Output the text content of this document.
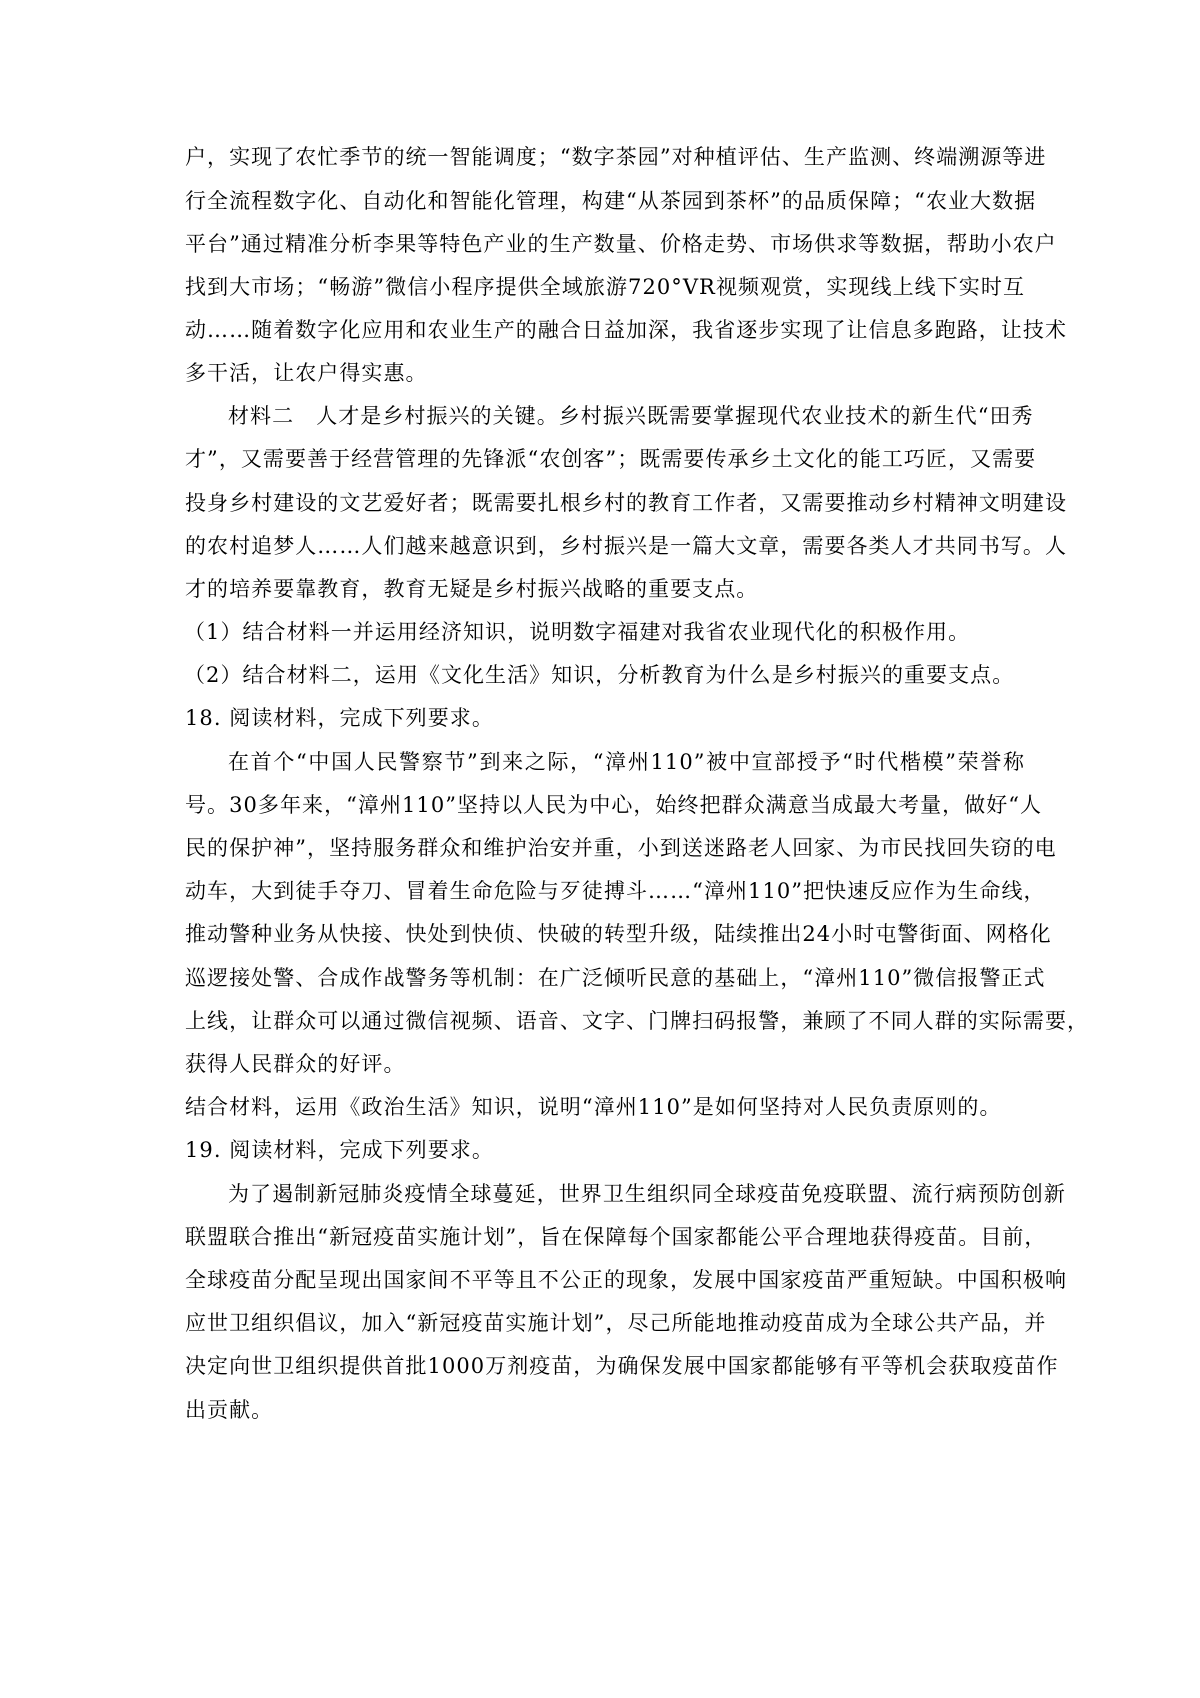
户，实现了农忙季节的统一智能调度；“数字茶园”对种植评估、生产监测、终端溯源等进
行全流程数字化、自动化和智能化管理，构建“从茶园到茶杯”的品质保障；“农业大数据
平台”通过精准分析李果等特色产业的生产数量、价格走势、市场供求等数据，帮助小农户
找到大市场；“畅游”微信小程序提供全域旅游720°VR视频观赏，实现线上线下实时互
动……随着数字化应用和农业生产的融合日益加深，我省逐步实现了让信息多跑路，让技术
多干活，让农户得实惠。
材料二　人才是乡村振兴的关键。乡村振兴既需要掌握现代农业技术的新生代“田秀
才”，又需要善于经营管理的先锋派“农创客”；既需要传承乡土文化的能工巧匠，又需要
投身乡村建设的文艺爱好者；既需要扎根乡村的教育工作者，又需要推动乡村精神文明建设
的农村追梦人……人们越来越意识到，乡村振兴是一篇大文章，需要各类人才共同书写。人
才的培养要靠教育，教育无疑是乡村振兴战略的重要支点。
（1）结合材料一并运用经济知识，说明数字福建对我省农业现代化的积极作用。
（2）结合材料二，运用《文化生活》知识，分析教育为什么是乡村振兴的重要支点。
18. 阅读材料，完成下列要求。
在首个“中国人民警察节”到来之际，“漳州110”被中宣部授予“时代楷模”荣誉称
号。30多年来，“漳州110”坚持以人民为中心，始终把群众满意当成最大考量，做好“人
民的保护神”，坚持服务群众和维护治安并重，小到送迷路老人回家、为市民找回失窃的电
动车，大到徒手夺刀、冒着生命危险与歹徒搏斗……“漳州110”把快速反应作为生命线，
推动警种业务从快接、快处到快侦、快破的转型升级，陆续推出24小时屯警街面、网格化
巡逻接处警、合成作战警务等机制：在广泛倾听民意的基础上，“漳州110”微信报警正式
上线，让群众可以通过微信视频、语音、文字、门牌扫码报警，兼顾了不同人群的实际需要，
获得人民群众的好评。
结合材料，运用《政治生活》知识，说明“漳州110”是如何坚持对人民负责原则的。
19. 阅读材料，完成下列要求。
为了遏制新冠肺炎疫情全球蔓延，世界卫生组织同全球疫苗免疫联盟、流行病预防创新
联盟联合推出“新冠疫苗实施计划”，旨在保障每个国家都能公平合理地获得疫苗。目前，
全球疫苗分配呈现出国家间不平等且不公正的现象，发展中国家疫苗严重短缺。中国积极响
应世卫组织倡议，加入“新冠疫苗实施计划”，尽己所能地推动疫苗成为全球公共产品，并
决定向世卫组织提供首批1000万剂疫苗，为确保发展中国家都能够有平等机会获取疫苗作
出贡献。
